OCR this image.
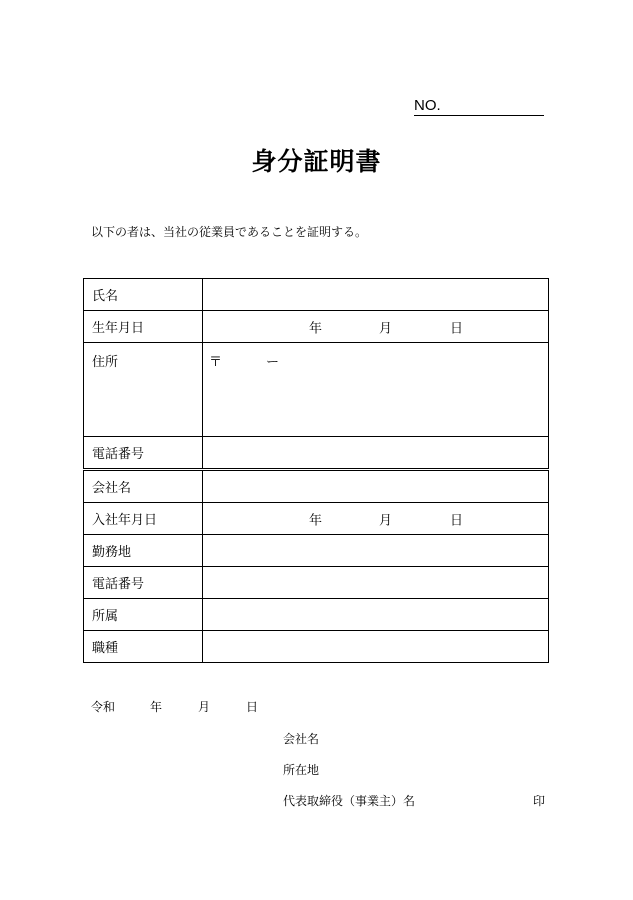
NO.
身分証明書
以下の者は、当社の従業員であることを証明する。
氏名	
生年月日	年 月 日

住所	〒 ー

電話番号	
会社名	
入社年月日	年 月 日

勤務地	
電話番号	
所属	
職種	
令和	年	月	日
会社名
所在地
代表取締役（事業主）名	印
